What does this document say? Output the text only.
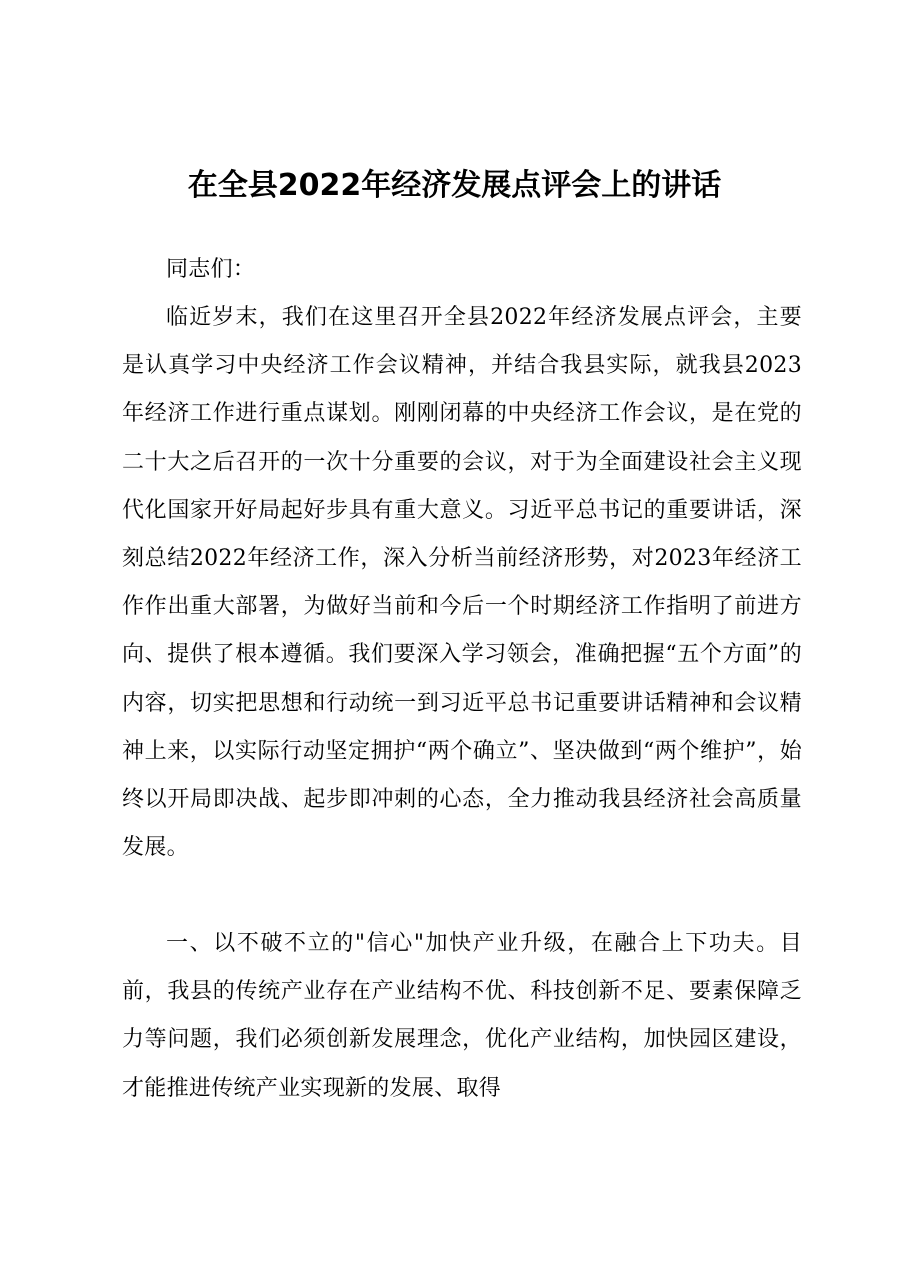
在全县2022年经济发展点评会上的讲话

同志们：

临近岁末，我们在这里召开全县2022年经济发展点评会，主要是认真学习中央经济工作会议精神，并结合我县实际，就我县2023年经济工作进行重点谋划。刚刚闭幕的中央经济工作会议，是在党的二十大之后召开的一次十分重要的会议，对于为全面建设社会主义现代化国家开好局起好步具有重大意义。习近平总书记的重要讲话，深刻总结2022年经济工作，深入分析当前经济形势，对2023年经济工作作出重大部署，为做好当前和今后一个时期经济工作指明了前进方向、提供了根本遵循。我们要深入学习领会，准确把握“五个方面”的内容，切实把思想和行动统一到习近平总书记重要讲话精神和会议精神上来，以实际行动坚定拥护“两个确立”、坚决做到“两个维护”，始终以开局即决战、起步即冲刺的心态，全力推动我县经济社会高质量发展。

一、以不破不立的"信心"加快产业升级，在融合上下功夫。目前，我县的传统产业存在产业结构不优、科技创新不足、要素保障乏力等问题，我们必须创新发展理念，优化产业结构，加快园区建设，才能推进传统产业实现新的发展、取得
